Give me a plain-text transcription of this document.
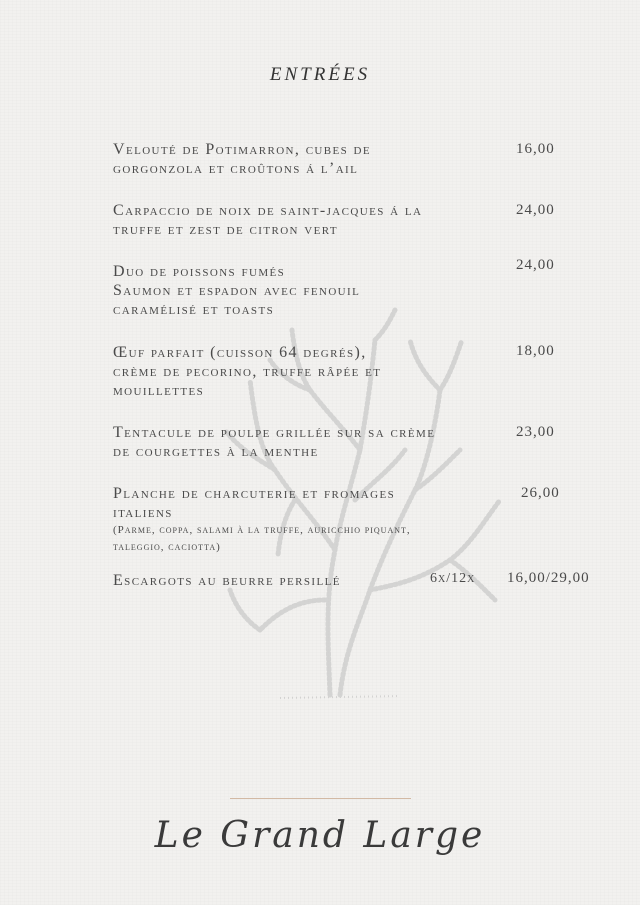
ENTRÉES
Velouté de Potimarron, cubes de
gorgonzola et croûtons á l’ail
16,00
Carpaccio de noix de saint-jacques á la
truffe et zest de citron vert
24,00
Duo de poissons fumés
Saumon et espadon avec fenouil
caramélisé et toasts
24,00
Œuf parfait (cuisson 64 degrés),
crème de pecorino, truffe râpée et
mouillettes
18,00
Tentacule de poulpe grillée sur sa crème
de courgettes à la menthe
23,00
Planche de charcuterie et fromages
italiens
(Parme, coppa, salami à la truffe, auricchio piquant,
taleggio, caciotta)
26,00
Escargots au beurre persillé	6x/12x 16,00/29,00
Le Grand Large
